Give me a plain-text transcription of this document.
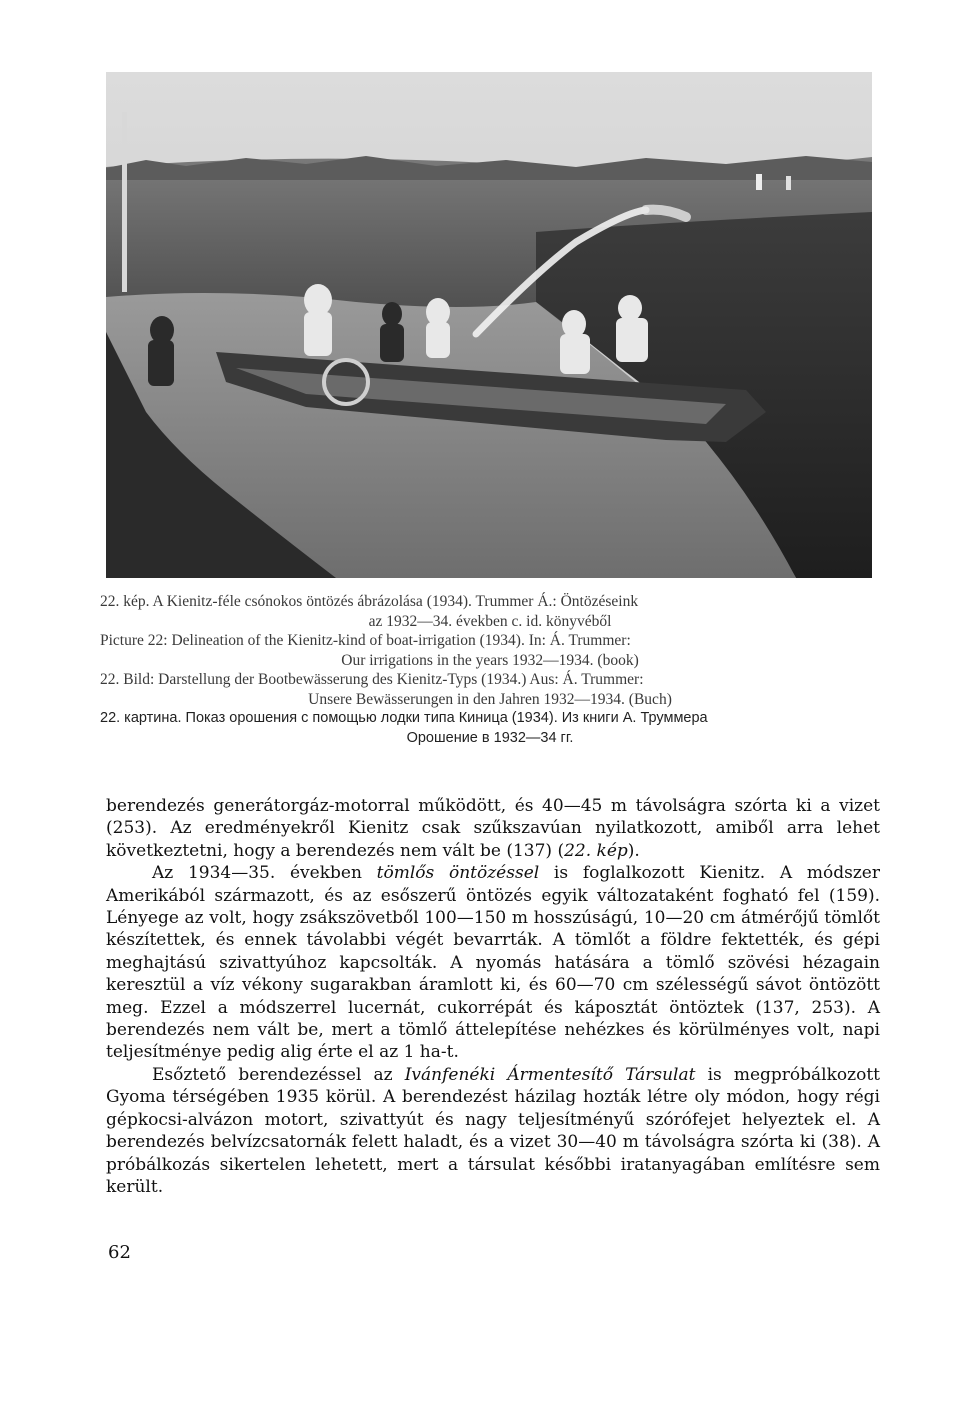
22. kép. A Kienitz-féle csónokos öntözés ábrázolása (1934). Trummer Á.: Öntözéseink
az 1932—34. években c. id. könyvéből
Picture 22: Delineation of the Kienitz-kind of boat-irrigation (1934). In: Á. Trummer:
Our irrigations in the years 1932—1934. (book)
22. Bild: Darstellung der Bootbewässerung des Kienitz-Typs (1934.) Aus: Á. Trummer:
Unsere Bewässerungen in den Jahren 1932—1934. (Buch)
22. картина. Показ орошения с помощью лодки типа Киница (1934). Из книги А. Труммера
Орошение в 1932—34 гг.

berendezés generátorgáz-motorral működött, és 40—45 m távolságra szórta ki a vizet (253). Az eredményekről Kienitz csak szűkszavúan nyilatkozott, amiből arra lehet következtetni, hogy a berendezés nem vált be (137) (22. kép).

Az 1934—35. években tömlős öntözéssel is foglalkozott Kienitz. A módszer Amerikából származott, és az esőszerű öntözés egyik változataként fogható fel (159). Lényege az volt, hogy zsákszövetből 100—150 m hosszúságú, 10—20 cm átmérőjű tömlőt készítettek, és ennek távolabbi végét bevarrták. A tömlőt a földre fektették, és gépi meghajtású szivattyúhoz kapcsolták. A nyomás hatására a tömlő szövési hézagain keresztül a víz vékony sugarakban áramlott ki, és 60—70 cm szélességű sávot öntözött meg. Ezzel a módszerrel lucernát, cukorrépát és káposztát öntöztek (137, 253). A berendezés nem vált be, mert a tömlő áttelepítése nehézkes és körülményes volt, napi teljesítménye pedig alig érte el az 1 ha-t.

Esőztető berendezéssel az Ivánfenéki Ármentesítő Társulat is megpróbálkozott Gyoma térségében 1935 körül. A berendezést házilag hozták létre oly módon, hogy régi gépkocsi-alvázon motort, szivattyút és nagy teljesítményű szórófejet helyeztek el. A berendezés belvízcsatornák felett haladt, és a vizet 30—40 m távolságra szórta ki (38). A próbálkozás sikertelen lehetett, mert a társulat későbbi iratanyagában említésre sem került.

62
